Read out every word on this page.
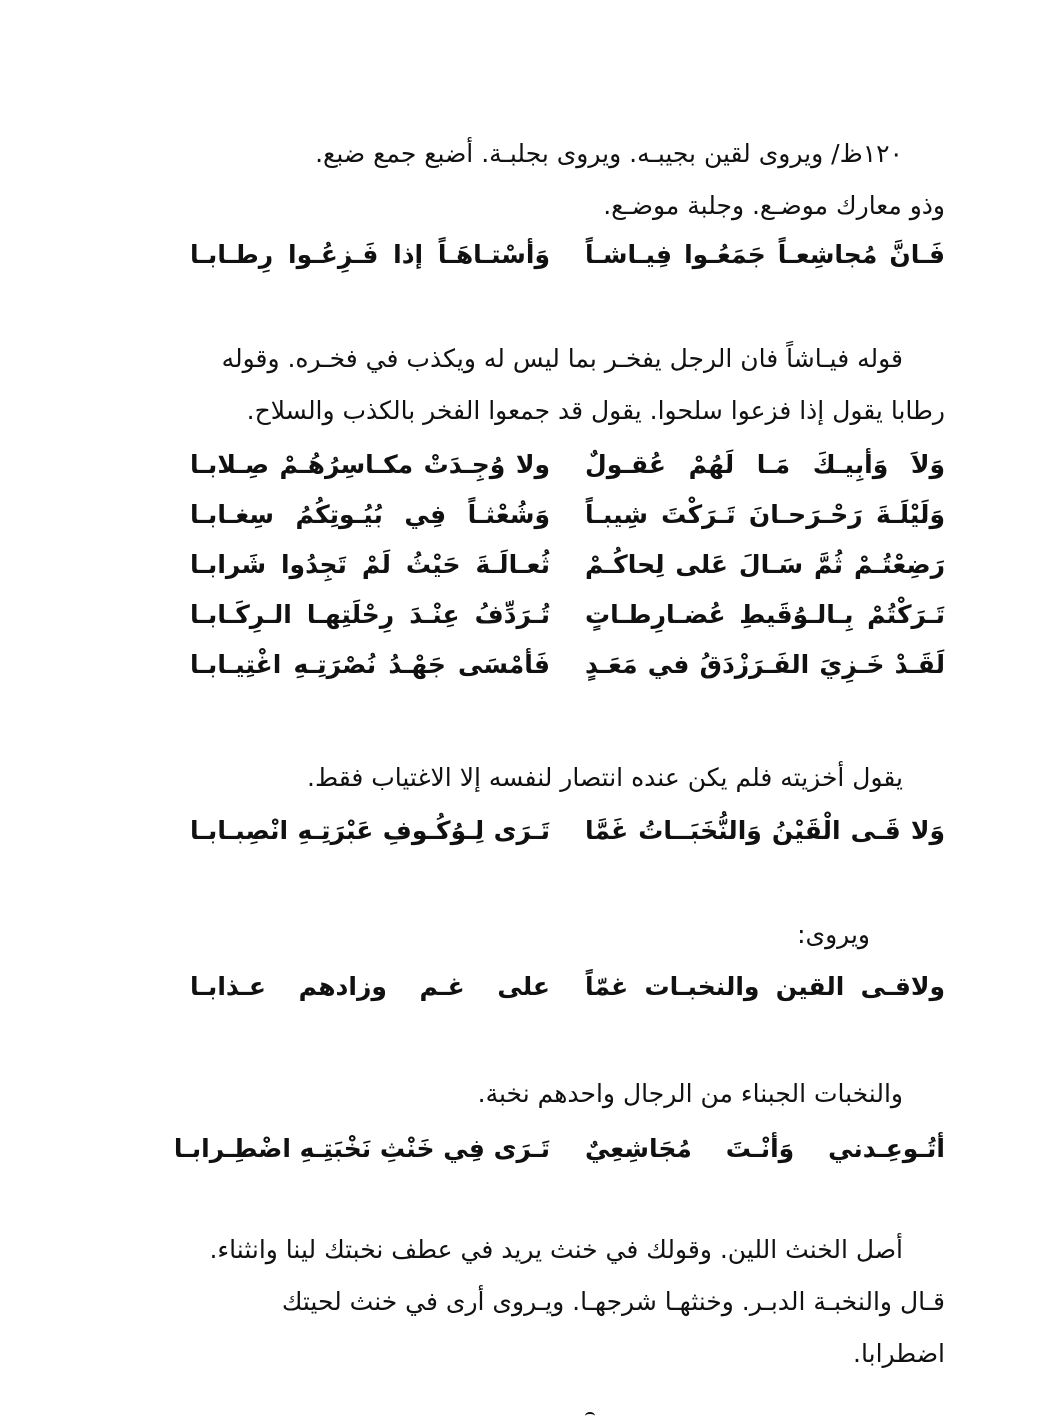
١٢٠ظ/ ويروى لقين بجيبـه. ويروى بجلبـة. أضبع جمع ضبع.

وذو معارك موضـع. وجلبة موضـع.

فَـانَّ مُجاشِعـاً جَمَعُـوا فِيـاشـاً
وَأسْتـاهَـاً إذا فَـزِعُـوا رِطـابـا

قوله فيـاشاً فان الرجل يفخـر بما ليس له ويكذب في فخـره. وقوله

رطابا يقول إذا فزعوا سلحوا. يقول قد جمعوا الفخر بالكذب والسلاح.

وَلاَ وَأبِيـكَ مَـا لَهُمْ عُقـولٌ
ولا وُجِـدَتْ مكـاسِرُهُـمْ صِـلابـا
وَلَيْلَـةَ رَحْـرَحـانَ تَـرَكْتَ شِيبـاً
وَشُعْثـاً فِي بُيُـوتِكُمُ سِغـابـا
رَضِعْتُـمْ ثُمَّ سَـالَ عَلى لِحاكُـمْ
ثُعـالَـةَ حَيْثُ لَمْ تَجِدُوا شَرابـا
تَـرَكْتُمْ بِـالـوُقَيطِ عُضـارِطـاتٍ
تُـرَدِّفُ عِنْـدَ رِحْلَتِهـا الـرِكَـابـا
لَقَـدْ خَـزِيَ الفَـرَزْدَقُ في مَعَـدٍ
فَأمْسَى جَهْـدُ نُصْرَتِـهِ اغْتِيـابـا

يقول أخزيته فلم يكن عنده انتصار لنفسه إلا الاغتياب فقط.

وَلا قَـى الْقَيْنُ وَالنُّخَبَــاتُ غَمَّا
تَـرَى لِـوُكُـوفِ عَبْرَتِـهِ انْصِبـابـا
ويروى:
ولاقـى القين والنخبـات غمّاً
على غـم وزادهم عـذابـا

والنخبات الجبناء من الرجال واحدهم نخبة.

أتُـوعِـدني وَأنْـتَ مُجَاشِعِيٌ
تَـرَى فِي خَنْثِ نَخْبَتِـهِ اضْطِـرابـا

أصل الخنث اللين. وقولك في خنث يريد في عطف نخبتك لينا وانثناء.

قـال والنخبـة الدبـر. وخنثهـا شرجهـا. ويـروى أرى في خنث لحيتك

اضطرابا.
